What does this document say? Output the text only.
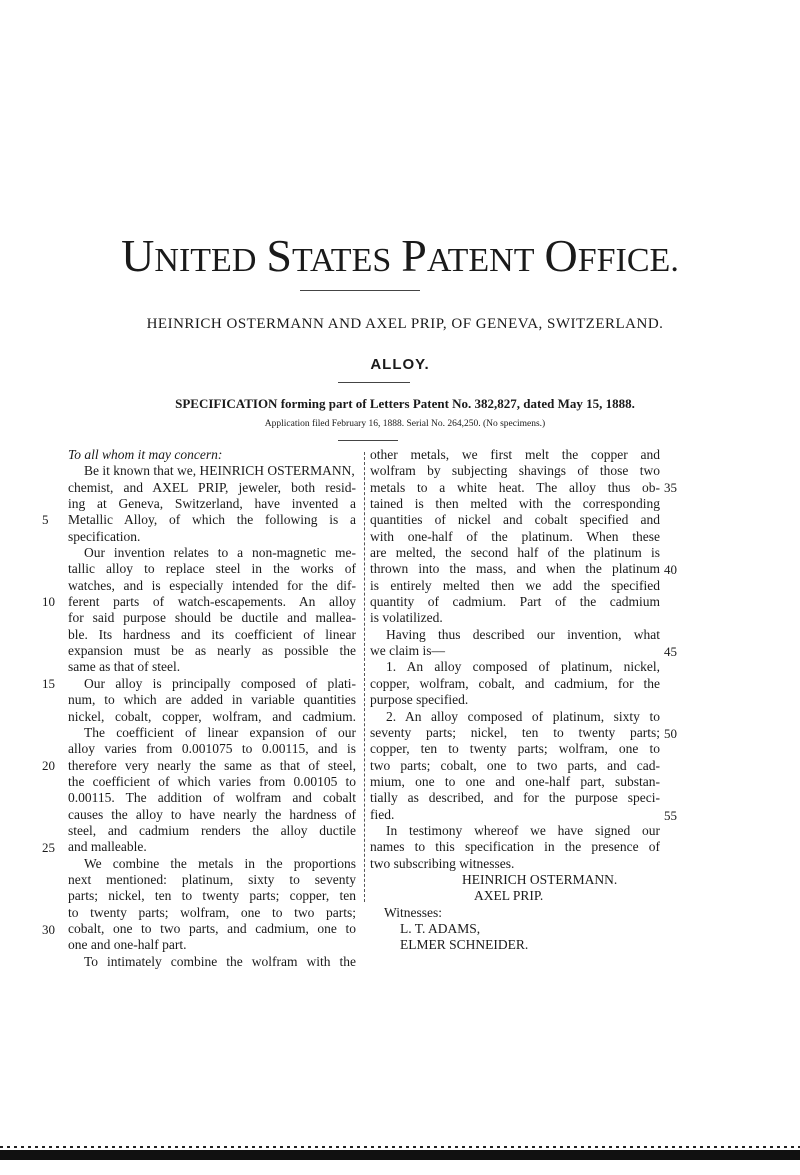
UNITED STATES PATENT OFFICE.
HEINRICH OSTERMANN AND AXEL PRIP, OF GENEVA, SWITZERLAND.
ALLOY.
SPECIFICATION forming part of Letters Patent No. 382,827, dated May 15, 1888.
Application filed February 16, 1888. Serial No. 264,250. (No specimens.)
To all whom it may concern:
Be it known that we, HEINRICH OSTERMANN,
chemist, and AXEL PRIP, jeweler, both resid-
ing at Geneva, Switzerland, have invented a
Metallic Alloy, of which the following is a
specification.
Our invention relates to a non-magnetic me-
tallic alloy to replace steel in the works of
watches, and is especially intended for the dif-
ferent parts of watch-escapements. An alloy
for said purpose should be ductile and mallea-
ble. Its hardness and its coefficient of linear
expansion must be as nearly as possible the
same as that of steel.
Our alloy is principally composed of plati-
num, to which are added in variable quantities
nickel, cobalt, copper, wolfram, and cadmium.
The coefficient of linear expansion of our
alloy varies from 0.001075 to 0.00115, and is
therefore very nearly the same as that of steel,
the coefficient of which varies from 0.00105 to
0.00115. The addition of wolfram and cobalt
causes the alloy to have nearly the hardness of
steel, and cadmium renders the alloy ductile
and malleable.
We combine the metals in the proportions
next mentioned: platinum, sixty to seventy
parts; nickel, ten to twenty parts; copper, ten
to twenty parts; wolfram, one to two parts;
cobalt, one to two parts, and cadmium, one to
one and one-half part.
To intimately combine the wolfram with the
other metals, we first melt the copper and
wolfram by subjecting shavings of those two
metals to a white heat. The alloy thus ob-
tained is then melted with the corresponding
quantities of nickel and cobalt specified and
with one-half of the platinum. When these
are melted, the second half of the platinum is
thrown into the mass, and when the platinum
is entirely melted then we add the specified
quantity of cadmium. Part of the cadmium
is volatilized.
Having thus described our invention, what
we claim is—
1. An alloy composed of platinum, nickel,
copper, wolfram, cobalt, and cadmium, for the
purpose specified.
2. An alloy composed of platinum, sixty to
seventy parts; nickel, ten to twenty parts;
copper, ten to twenty parts; wolfram, one to
two parts; cobalt, one to two parts, and cad-
mium, one to one and one-half part, substan-
tially as described, and for the purpose speci-
fied.
In testimony whereof we have signed our
names to this specification in the presence of
two subscribing witnesses.
HEINRICH OSTERMANN.
AXEL PRIP.
Witnesses:
L. T. ADAMS,
ELMER SCHNEIDER.
5
10
15
20
25
30
35
40
45
50
55
